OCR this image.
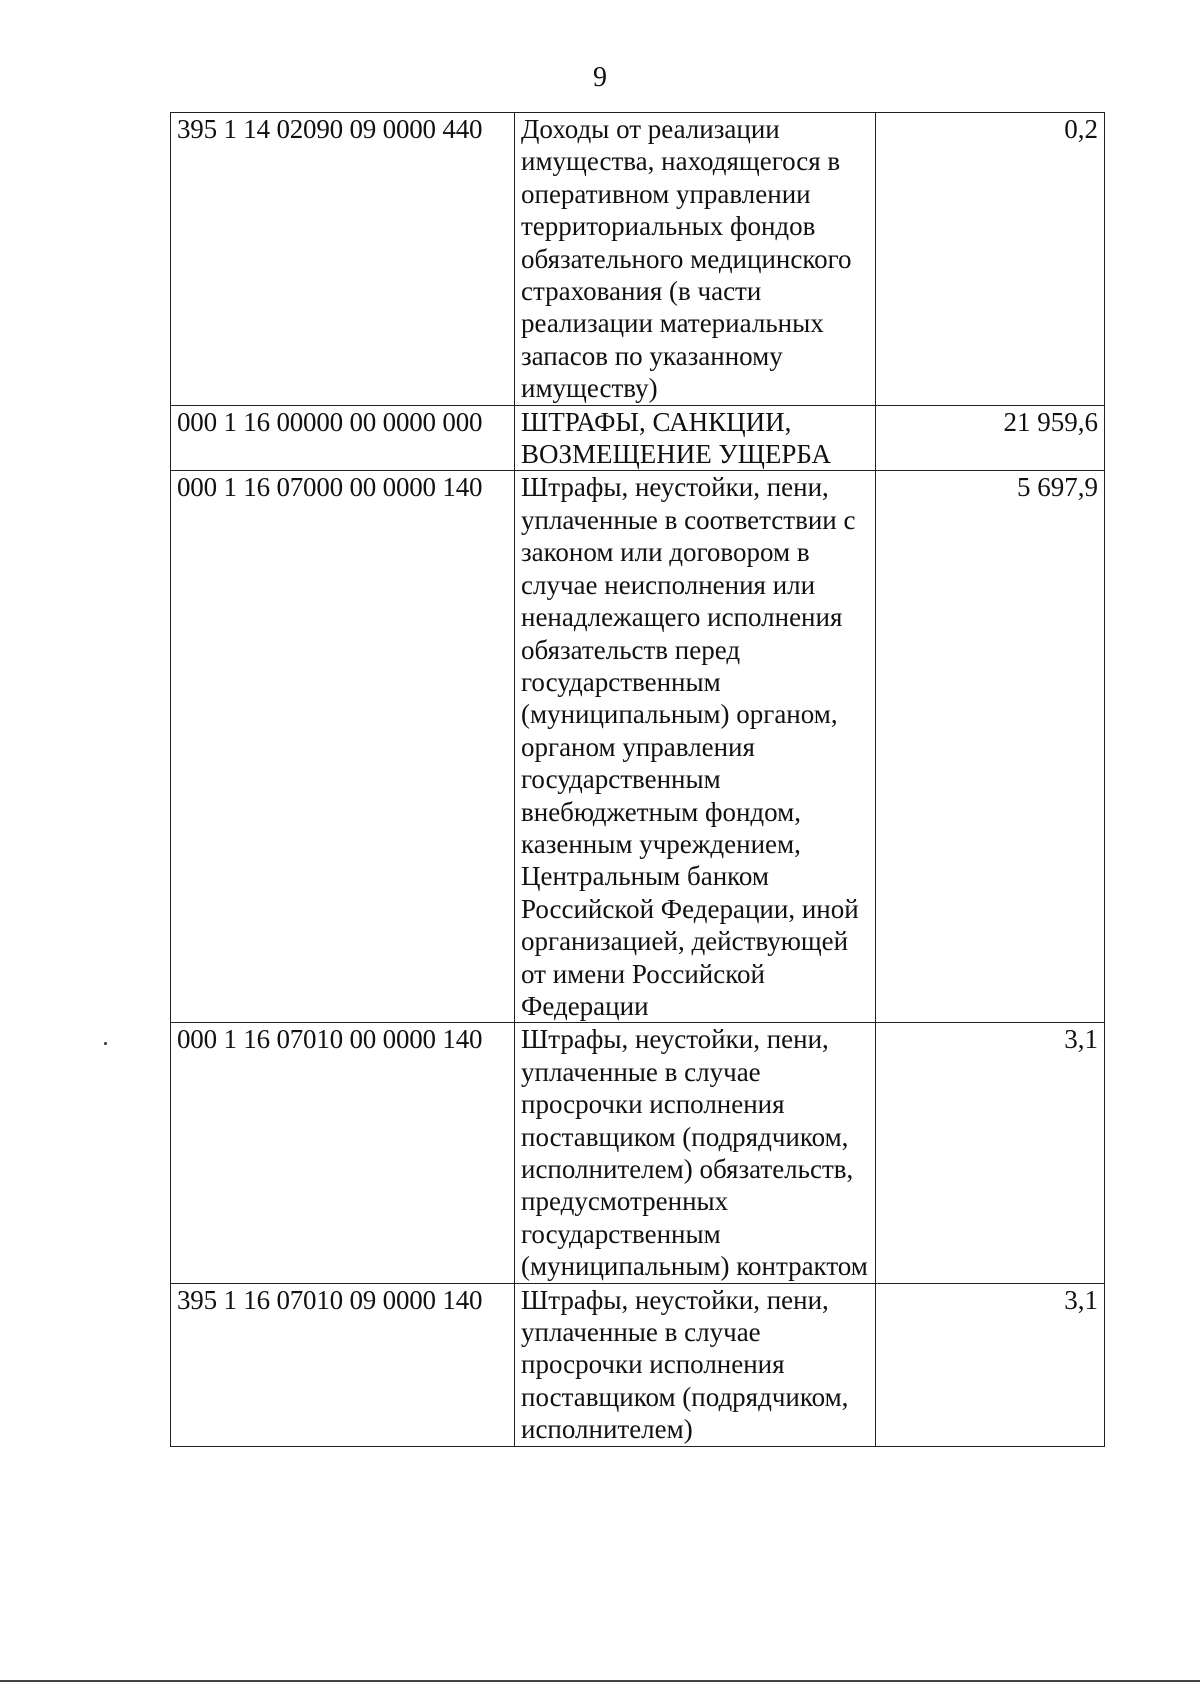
9
395 1 14 02090 09 0000 440	Доходы от реализации имущества, находящегося в оперативном управлении территориальных фондов обязательного медицинского страхования (в части реализации материальных запасов по указанному имуществу)	0,2
000 1 16 00000 00 0000 000	ШТРАФЫ, САНКЦИИ, ВОЗМЕЩЕНИЕ УЩЕРБА	21 959,6
000 1 16 07000 00 0000 140	Штрафы, неустойки, пени, уплаченные в соответствии с законом или договором в случае неисполнения или ненадлежащего исполнения обязательств перед государственным (муниципальным) органом, органом управления государственным внебюджетным фондом, казенным учреждением, Центральным банком Российской Федерации, иной организацией, действующей от имени Российской Федерации	5 697,9
000 1 16 07010 00 0000 140	Штрафы, неустойки, пени, уплаченные в случае просрочки исполнения поставщиком (подрядчиком, исполнителем) обязательств, предусмотренных государственным (муниципальным) контрактом	3,1
395 1 16 07010 09 0000 140	Штрафы, неустойки, пени, уплаченные в случае просрочки исполнения поставщиком (подрядчиком, исполнителем)	3,1
